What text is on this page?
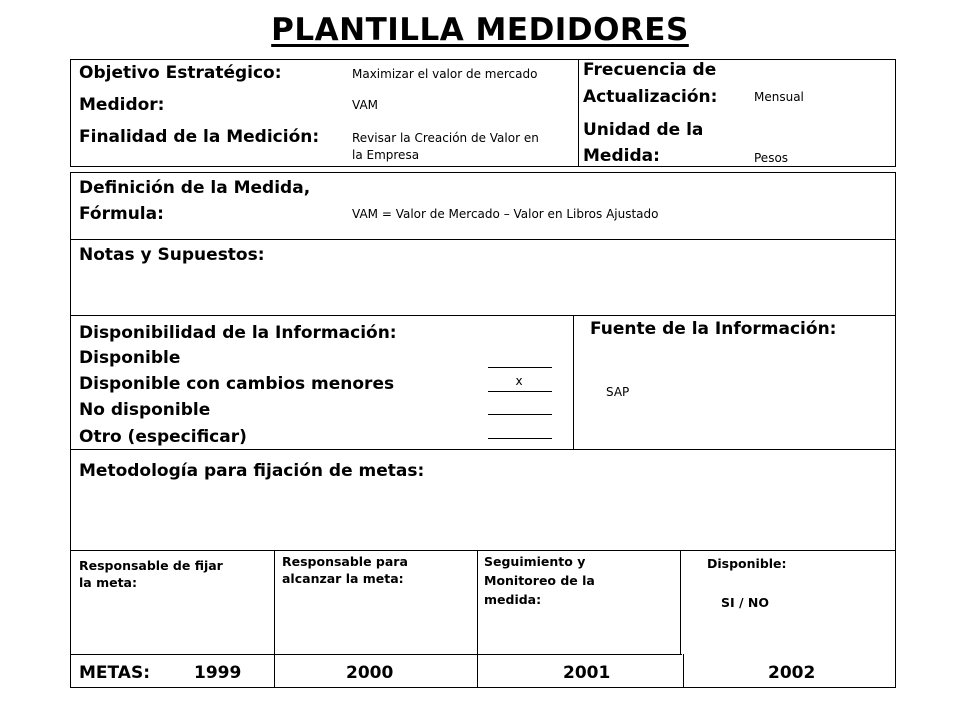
PLANTILLA MEDIDORES
Objetivo Estratégico:	Maximizar el valor de mercado
Medidor:	VAM
Finalidad de la Medición:	Revisar la Creación de Valor en
la Empresa
Frecuencia de
Actualización:	Mensual
Unidad de la
Medida:	Pesos
Definición de la Medida,
Fórmula:	VAM = Valor de Mercado – Valor en Libros Ajustado
Notas y Supuestos:
Disponibilidad de la Información:
Disponible
Disponible con cambios menores	x
No disponible
Otro (especificar)
Fuente de la Información:
SAP
Metodología para fijación de metas:
Responsable de fijar
la meta:
Responsable para
alcanzar la meta:
Seguimiento y
Monitoreo de la
medida:
Disponible:
SI / NO
METAS:	1999	2000	2001	2002
